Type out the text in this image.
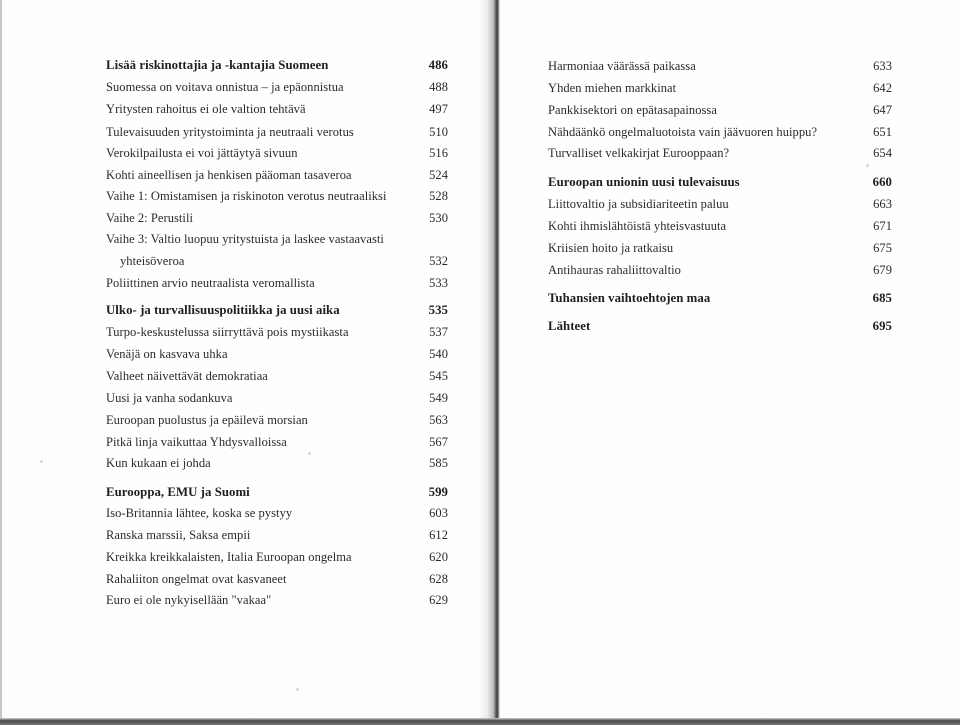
Lisää riskinottajia ja -kantajia Suomeen	486
Suomessa on voitava onnistua – ja epäonnistua	488
Yritysten rahoitus ei ole valtion tehtävä	497
Tulevaisuuden yritystoiminta ja neutraali verotus	510
Verokilpailusta ei voi jättäytyä sivuun	516
Kohti aineellisen ja henkisen pääoman tasaveroa	524
Vaihe 1: Omistamisen ja riskinoton verotus neutraaliksi	528
Vaihe 2: Perustili	530
Vaihe 3: Valtio luopuu yritystuista ja laskee vastaavasti
yhteisöveroa	532
Poliittinen arvio neutraalista veromallista	533
Ulko- ja turvallisuuspolitiikka ja uusi aika	535
Turpo-keskustelussa siirryttävä pois mystiikasta	537
Venäjä on kasvava uhka	540
Valheet näivettävät demokratiaa	545
Uusi ja vanha sodankuva	549
Euroopan puolustus ja epäilevä morsian	563
Pitkä linja vaikuttaa Yhdysvalloissa	567
Kun kukaan ei johda	585
Eurooppa, EMU ja Suomi	599
Iso-Britannia lähtee, koska se pystyy	603
Ranska marssii, Saksa empii	612
Kreikka kreikkalaisten, Italia Euroopan ongelma	620
Rahaliiton ongelmat ovat kasvaneet	628
Euro ei ole nykyisellään "vakaa"	629
Harmoniaa väärässä paikassa	633
Yhden miehen markkinat	642
Pankkisektori on epätasapainossa	647
Nähdäänkö ongelmaluotoista vain jäävuoren huippu?	651
Turvalliset velkakirjat Eurooppaan?	654
Euroopan unionin uusi tulevaisuus	660
Liittovaltio ja subsidiariteetin paluu	663
Kohti ihmislähtöistä yhteisvastuuta	671
Kriisien hoito ja ratkaisu	675
Antihauras rahaliittovaltio	679
Tuhansien vaihtoehtojen maa	685
Lähteet	695
